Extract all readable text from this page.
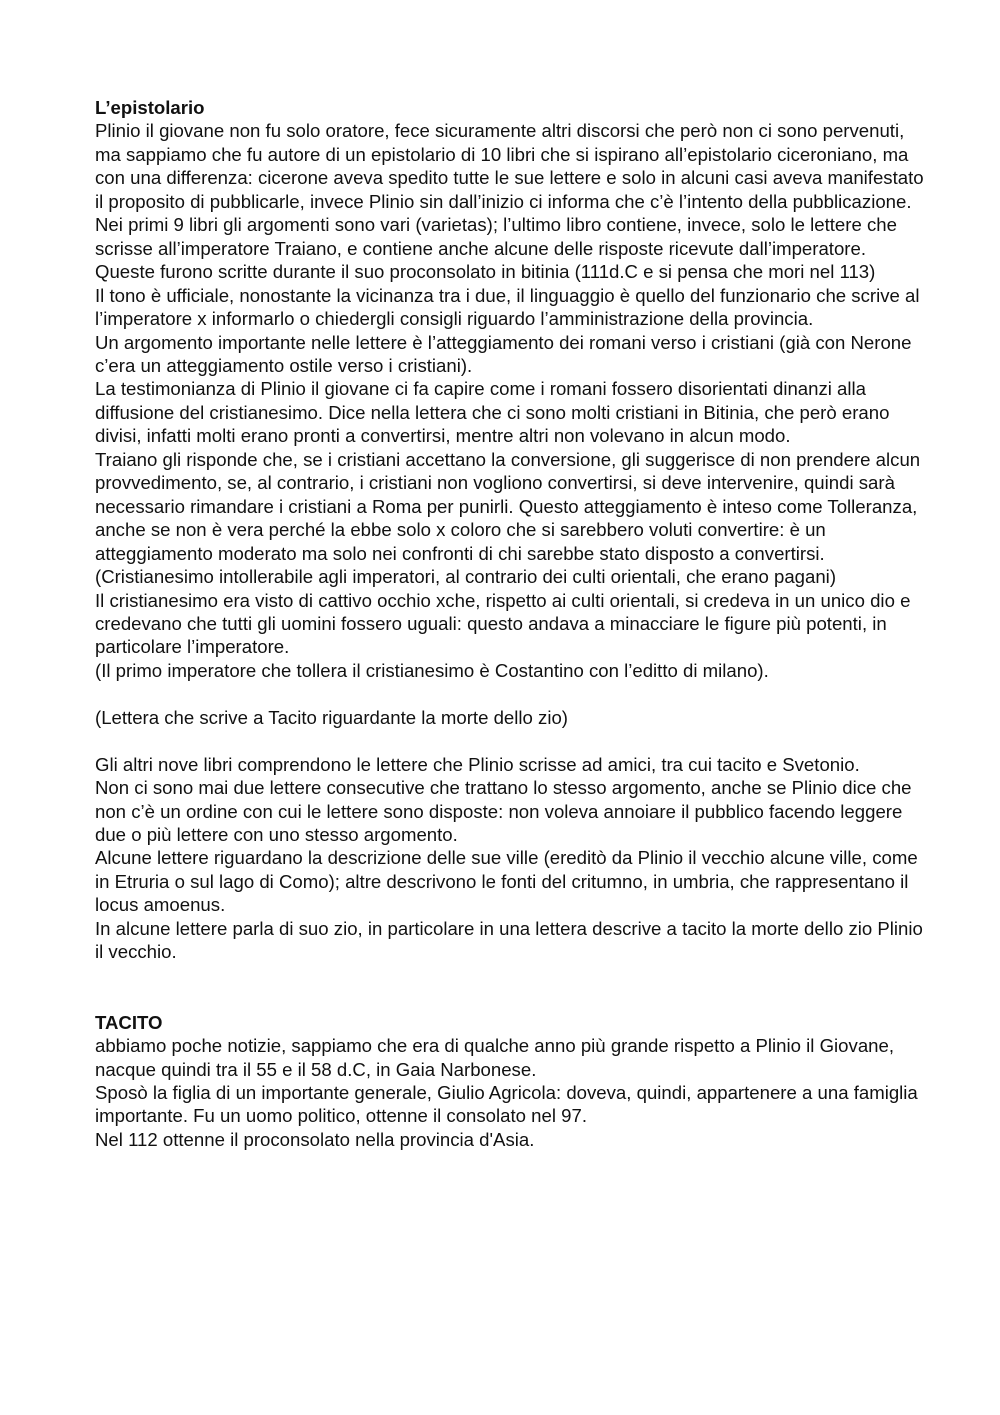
L’epistolario

Plinio il giovane non fu solo oratore, fece sicuramente altri discorsi che però non ci sono pervenuti, ma sappiamo che fu autore di un epistolario di 10 libri che si ispirano all’epistolario ciceroniano, ma con una differenza: cicerone aveva spedito tutte le sue lettere e solo in alcuni casi aveva manifestato il proposito di pubblicarle, invece Plinio sin dall’inizio ci informa che c’è l’intento della pubblicazione.

Nei primi 9 libri gli argomenti sono vari (varietas); l’ultimo libro contiene, invece, solo le lettere che scrisse all’imperatore Traiano, e contiene anche alcune delle risposte ricevute dall’imperatore. Queste furono scritte durante il suo proconsolato in bitinia (111d.C e si pensa che mori nel 113)

Il tono è ufficiale, nonostante la vicinanza tra i due, il linguaggio è quello del funzionario che scrive al l’imperatore x informarlo o chiedergli consigli riguardo l’amministrazione della provincia.

Un argomento importante nelle lettere è l’atteggiamento dei romani verso i cristiani (già con Nerone c’era un atteggiamento ostile verso i cristiani).

La testimonianza di Plinio il giovane ci fa capire come i romani fossero disorientati dinanzi alla diffusione del cristianesimo. Dice nella lettera che ci sono molti cristiani in Bitinia, che però erano divisi, infatti molti erano pronti a convertirsi, mentre altri non volevano in alcun modo.

Traiano gli risponde che, se i cristiani accettano la conversione, gli suggerisce di non prendere alcun provvedimento, se, al contrario, i cristiani non vogliono convertirsi, si deve intervenire, quindi sarà necessario rimandare i cristiani a Roma per punirli. Questo atteggiamento è inteso come Tolleranza, anche se non è vera perché la ebbe solo x coloro che si sarebbero voluti convertire: è un atteggiamento moderato ma solo nei confronti di chi sarebbe stato disposto a convertirsi.

(Cristianesimo intollerabile agli imperatori, al contrario dei culti orientali, che erano pagani)

Il cristianesimo era visto di cattivo occhio xche, rispetto ai culti orientali, si credeva in un unico dio e credevano che tutti gli uomini fossero uguali: questo andava a minacciare le figure più potenti, in particolare l’imperatore.

(Il primo imperatore che tollera il cristianesimo è Costantino con l’editto di milano).

(Lettera che scrive a Tacito riguardante la morte dello zio)

Gli altri nove libri comprendono le lettere che Plinio scrisse ad amici, tra cui tacito e Svetonio.

Non ci sono mai due lettere consecutive che trattano lo stesso argomento, anche se Plinio dice che non c’è un ordine con cui le lettere sono disposte: non voleva annoiare il pubblico facendo leggere due o più lettere con uno stesso argomento.

Alcune lettere riguardano la descrizione delle sue ville (ereditò da Plinio il vecchio alcune ville, come in Etruria o sul lago di Como); altre descrivono le fonti del critumno, in umbria, che rappresentano il locus amoenus.

In alcune lettere parla di suo zio, in particolare in una lettera descrive a tacito la morte dello zio Plinio il vecchio.

TACITO

abbiamo poche notizie, sappiamo che era di qualche anno più grande rispetto a Plinio il Giovane, nacque quindi tra il 55 e il 58 d.C, in Gaia Narbonese.

Sposò la figlia di un importante generale, Giulio Agricola: doveva, quindi, appartenere a una famiglia importante. Fu un uomo politico, ottenne il consolato nel 97.

Nel 112 ottenne il proconsolato nella provincia d'Asia.
